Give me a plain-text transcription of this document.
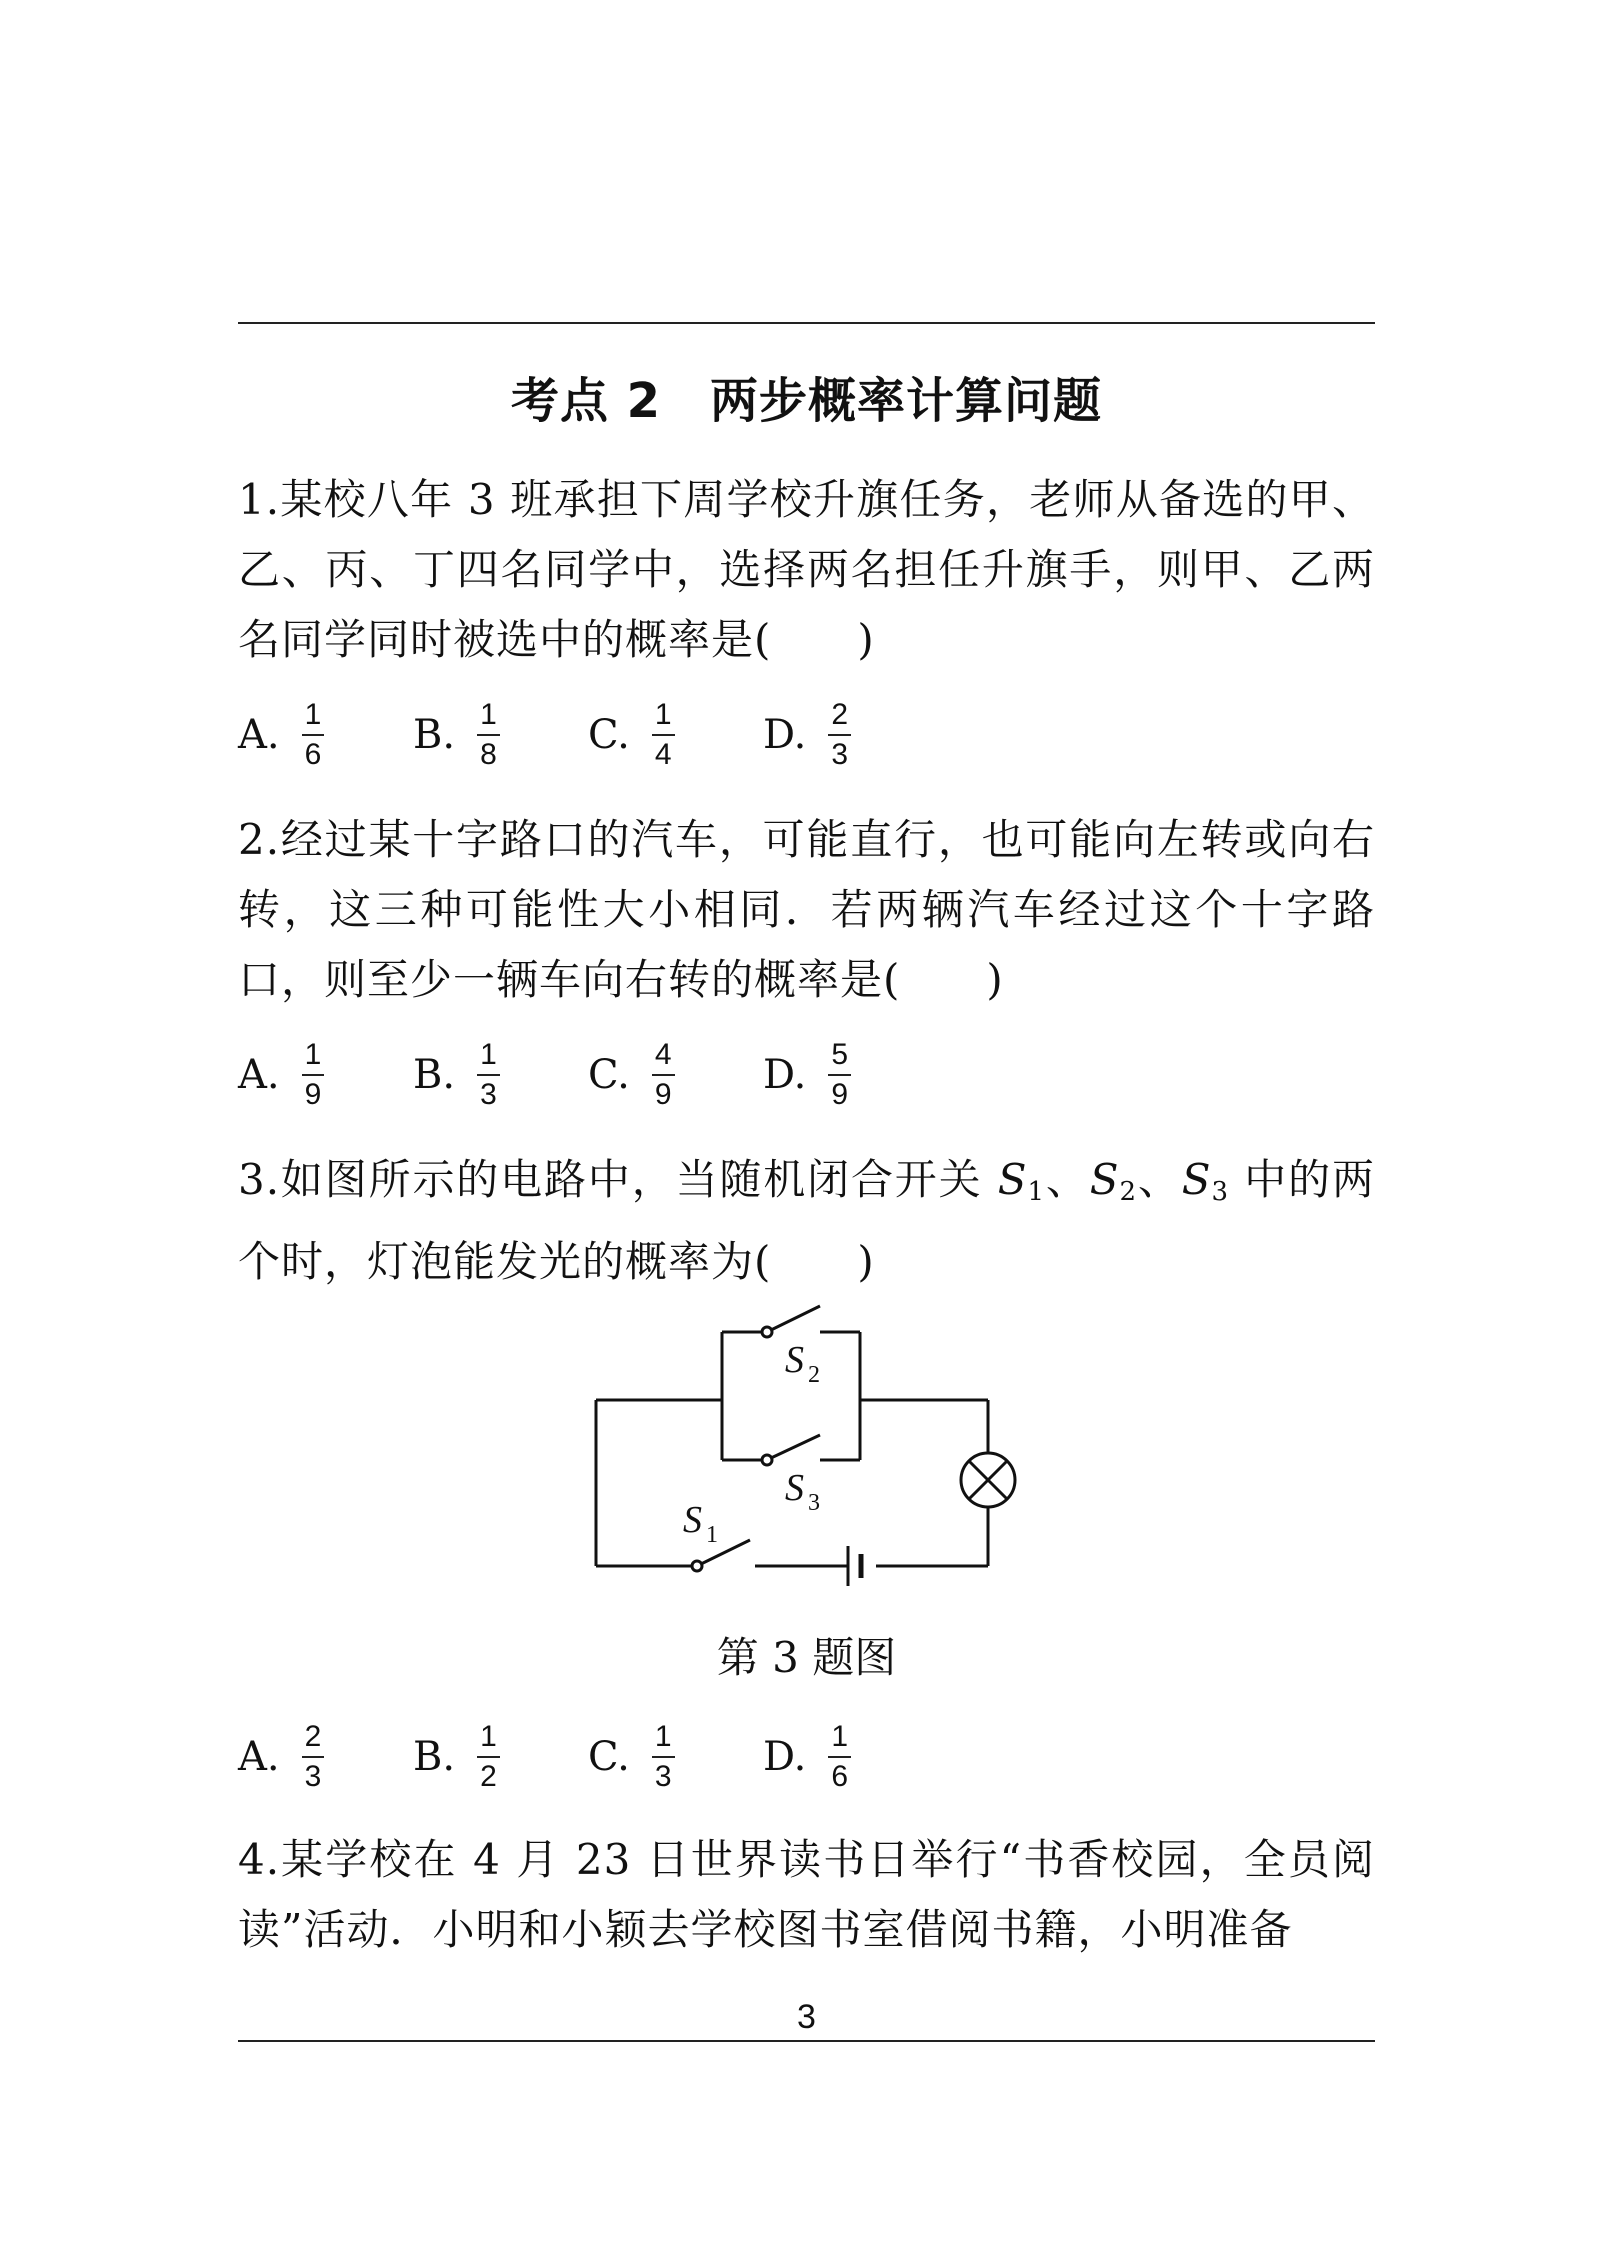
考点 2　两步概率计算问题
1.某校八年 3 班承担下周学校升旗任务，老师从备选的甲、乙、丙、丁四名同学中，选择两名担任升旗手，则甲、乙两名同学同时被选中的概率是(　　)
A. $\frac{1}{6} B$. $\frac{1}{8} C$. $\frac{1}{4} D$. $\frac{2}{3}$
2.经过某十字路口的汽车，可能直行，也可能向左转或向右转，这三种可能性大小相同．若两辆汽车经过这个十字路口，则至少一辆车向右转的概率是(　　)
A. $\frac{1}{9} B$. $\frac{1}{3} C$. $\frac{4}{9} D$. $\frac{5}{9}$
3.如图所示的电路中，当随机闭合开关 $S_1$、$S_2$、$S_3$ 中的两个时，灯泡能发光的概率为(　　)
S 2
S 3
S 1
第 3 题图
A. $\frac{2}{3} B$. $\frac{1}{2} C$. $\frac{1}{3} D$. $\frac{1}{6}$
4.某学校在 4 月 23 日世界读书日举行“书香校园，全员阅读”活动．小明和小颖去学校图书室借阅书籍，小明准备
3
